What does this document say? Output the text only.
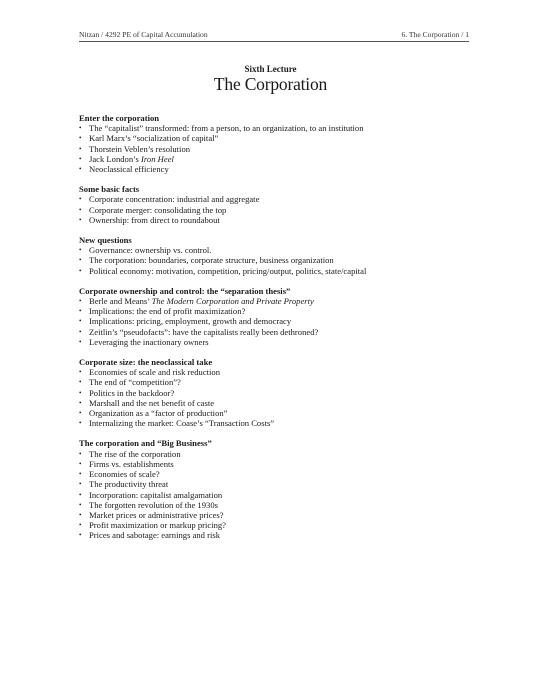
Nitzan / 4292 PE of Capital Accumulation	6. The Corporation / 1
Sixth Lecture
The Corporation
Enter the corporation
• The “capitalist” transformed: from a person, to an organization, to an institution
• Karl Marx’s “socialization of capital”
• Thorstein Veblen’s resolution
• Jack London’s Iron Heel
• Neoclassical efficiency
Some basic facts
• Corporate concentration: industrial and aggregate
• Corporate merger: consolidating the top
• Ownership: from direct to roundabout
New questions
• Governance: ownership vs. control.
• The corporation: boundaries, corporate structure, business organization
• Political economy: motivation, competition, pricing/output, politics, state/capital
Corporate ownership and control: the “separation thesis”
• Berle and Means’ The Modern Corporation and Private Property
• Implications: the end of profit maximization?
• Implications: pricing, employment, growth and democracy
• Zeitlin’s “pseudofacts”: have the capitalists really been dethroned?
• Leveraging the inactionary owners
Corporate size: the neoclassical take
• Economies of scale and risk reduction
• The end of “competition”?
• Politics in the backdoor?
• Marshall and the net benefit of caste
• Organization as a “factor of production”
• Internalizing the market: Coase’s “Transaction Costs”
The corporation and “Big Business”
• The rise of the corporation
• Firms vs. establishments
• Economies of scale?
• The productivity threat
• Incorporation: capitalist amalgamation
• The forgotten revolution of the 1930s
• Market prices or administrative prices?
• Profit maximization or markup pricing?
• Prices and sabotage: earnings and risk
